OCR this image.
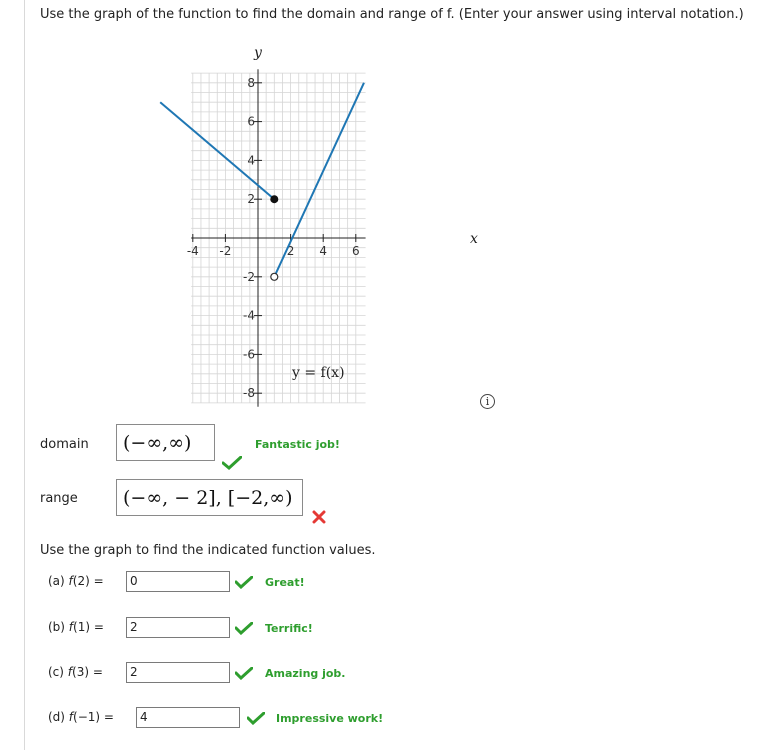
Use the graph of the function to find the domain and range of f. (Enter your answer using interval notation.)
-4 -2	2 4 6
8
6
4
2
-2
-4
-6
-8
x
y
y = f(x)
i
domain	(−∞,∞)	Fantastic job!
range	(−∞, − 2], [−2,∞)
Use the graph to find the indicated function values.
(a) f(2) =	0	Great!
(b) f(1) =	2	Terrific!
(c) f(3) =	2	Amazing job.
(d) f(−1) =	4	Impressive work!
